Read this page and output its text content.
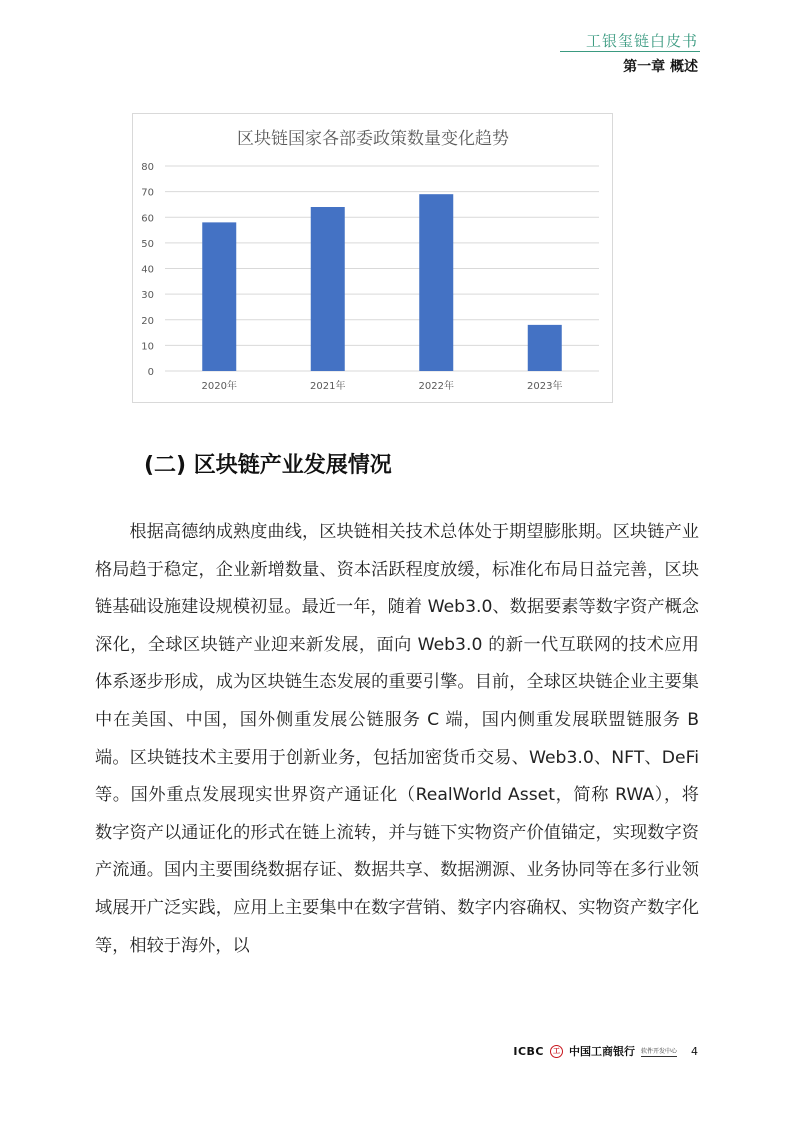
工银玺链白皮书
第一章 概述
区块链国家各部委政策数量变化趋势
0
10
20
30
40
50
60
70
80
2020年	2021年	2022年	2023年
(二) 区块链产业发展情况

根据高德纳成熟度曲线，区块链相关技术总体处于期望膨胀期。区块链产业格局趋于稳定，企业新增数量、资本活跃程度放缓，标准化布局日益完善，区块链基础设施建设规模初显。最近一年，随着 Web3.0、数据要素等数字资产概念深化，全球区块链产业迎来新发展，面向 Web3.0 的新一代互联网的技术应用体系逐步形成，成为区块链生态发展的重要引擎。目前，全球区块链企业主要集中在美国、中国，国外侧重发展公链服务 C 端，国内侧重发展联盟链服务 B 端。区块链技术主要用于创新业务，包括加密货币交易、Web3.0、NFT、DeFi 等。国外重点发展现实世界资产通证化（RealWorld Asset，简称 RWA），将数字资产以通证化的形式在链上流转，并与链下实物资产价值锚定，实现数字资产流通。国内主要围绕数据存证、数据共享、数据溯源、业务协同等在多行业领域展开广泛实践，应用上主要集中在数字营销、数字内容确权、实物资产数字化等，相较于海外，以

ICBC	工 中国工商银行 软件开发中心 4
